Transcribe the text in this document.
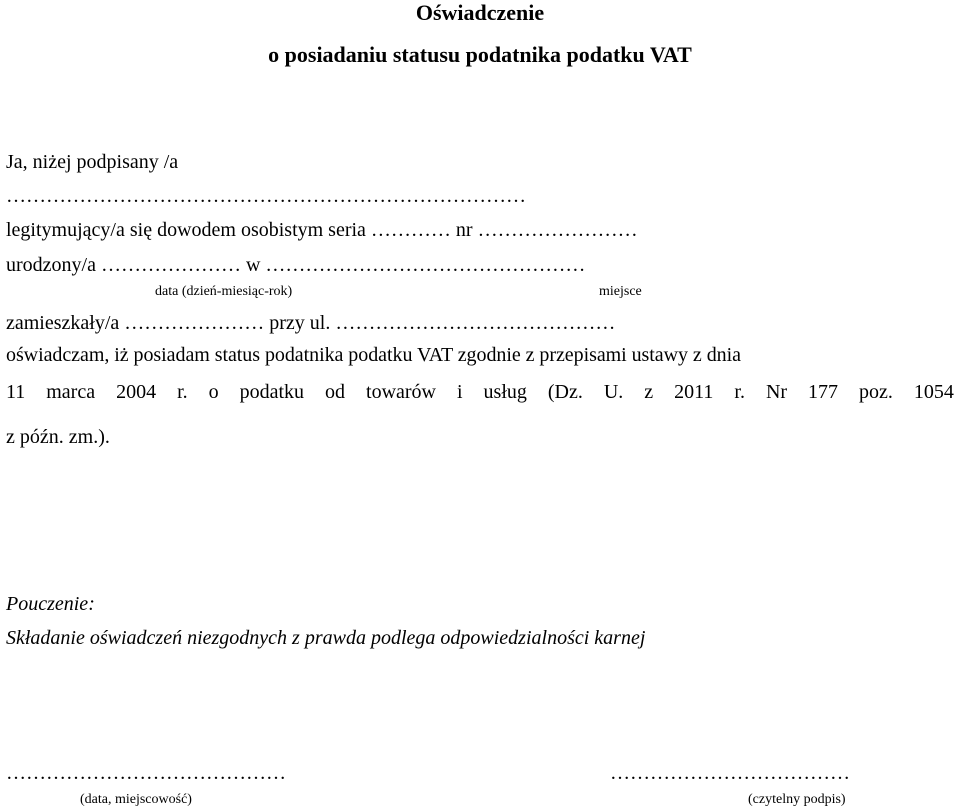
Oświadczenie
o posiadaniu statusu podatnika podatku VAT
Ja, niżej podpisany /a
……………………………………………………………………
legitymujący/a się dowodem osobistym seria ………… nr ……………………
urodzony/a ………………… w …………………………………………
data (dzień-miesiąc-rok)	miejsce
zamieszkały/a ………………… przy ul. ……………………………………
oświadczam, iż posiadam status podatnika podatku VAT zgodnie z przepisami ustawy z dnia
11 marca 2004 r. o podatku od towarów i usług (Dz. U. z 2011 r. Nr 177 poz. 1054
z późn. zm.).
Pouczenie:
Składanie oświadczeń niezgodnych z prawda podlega odpowiedzialności karnej
……………………………………	………………………………
(data, miejscowość)	(czytelny podpis)
